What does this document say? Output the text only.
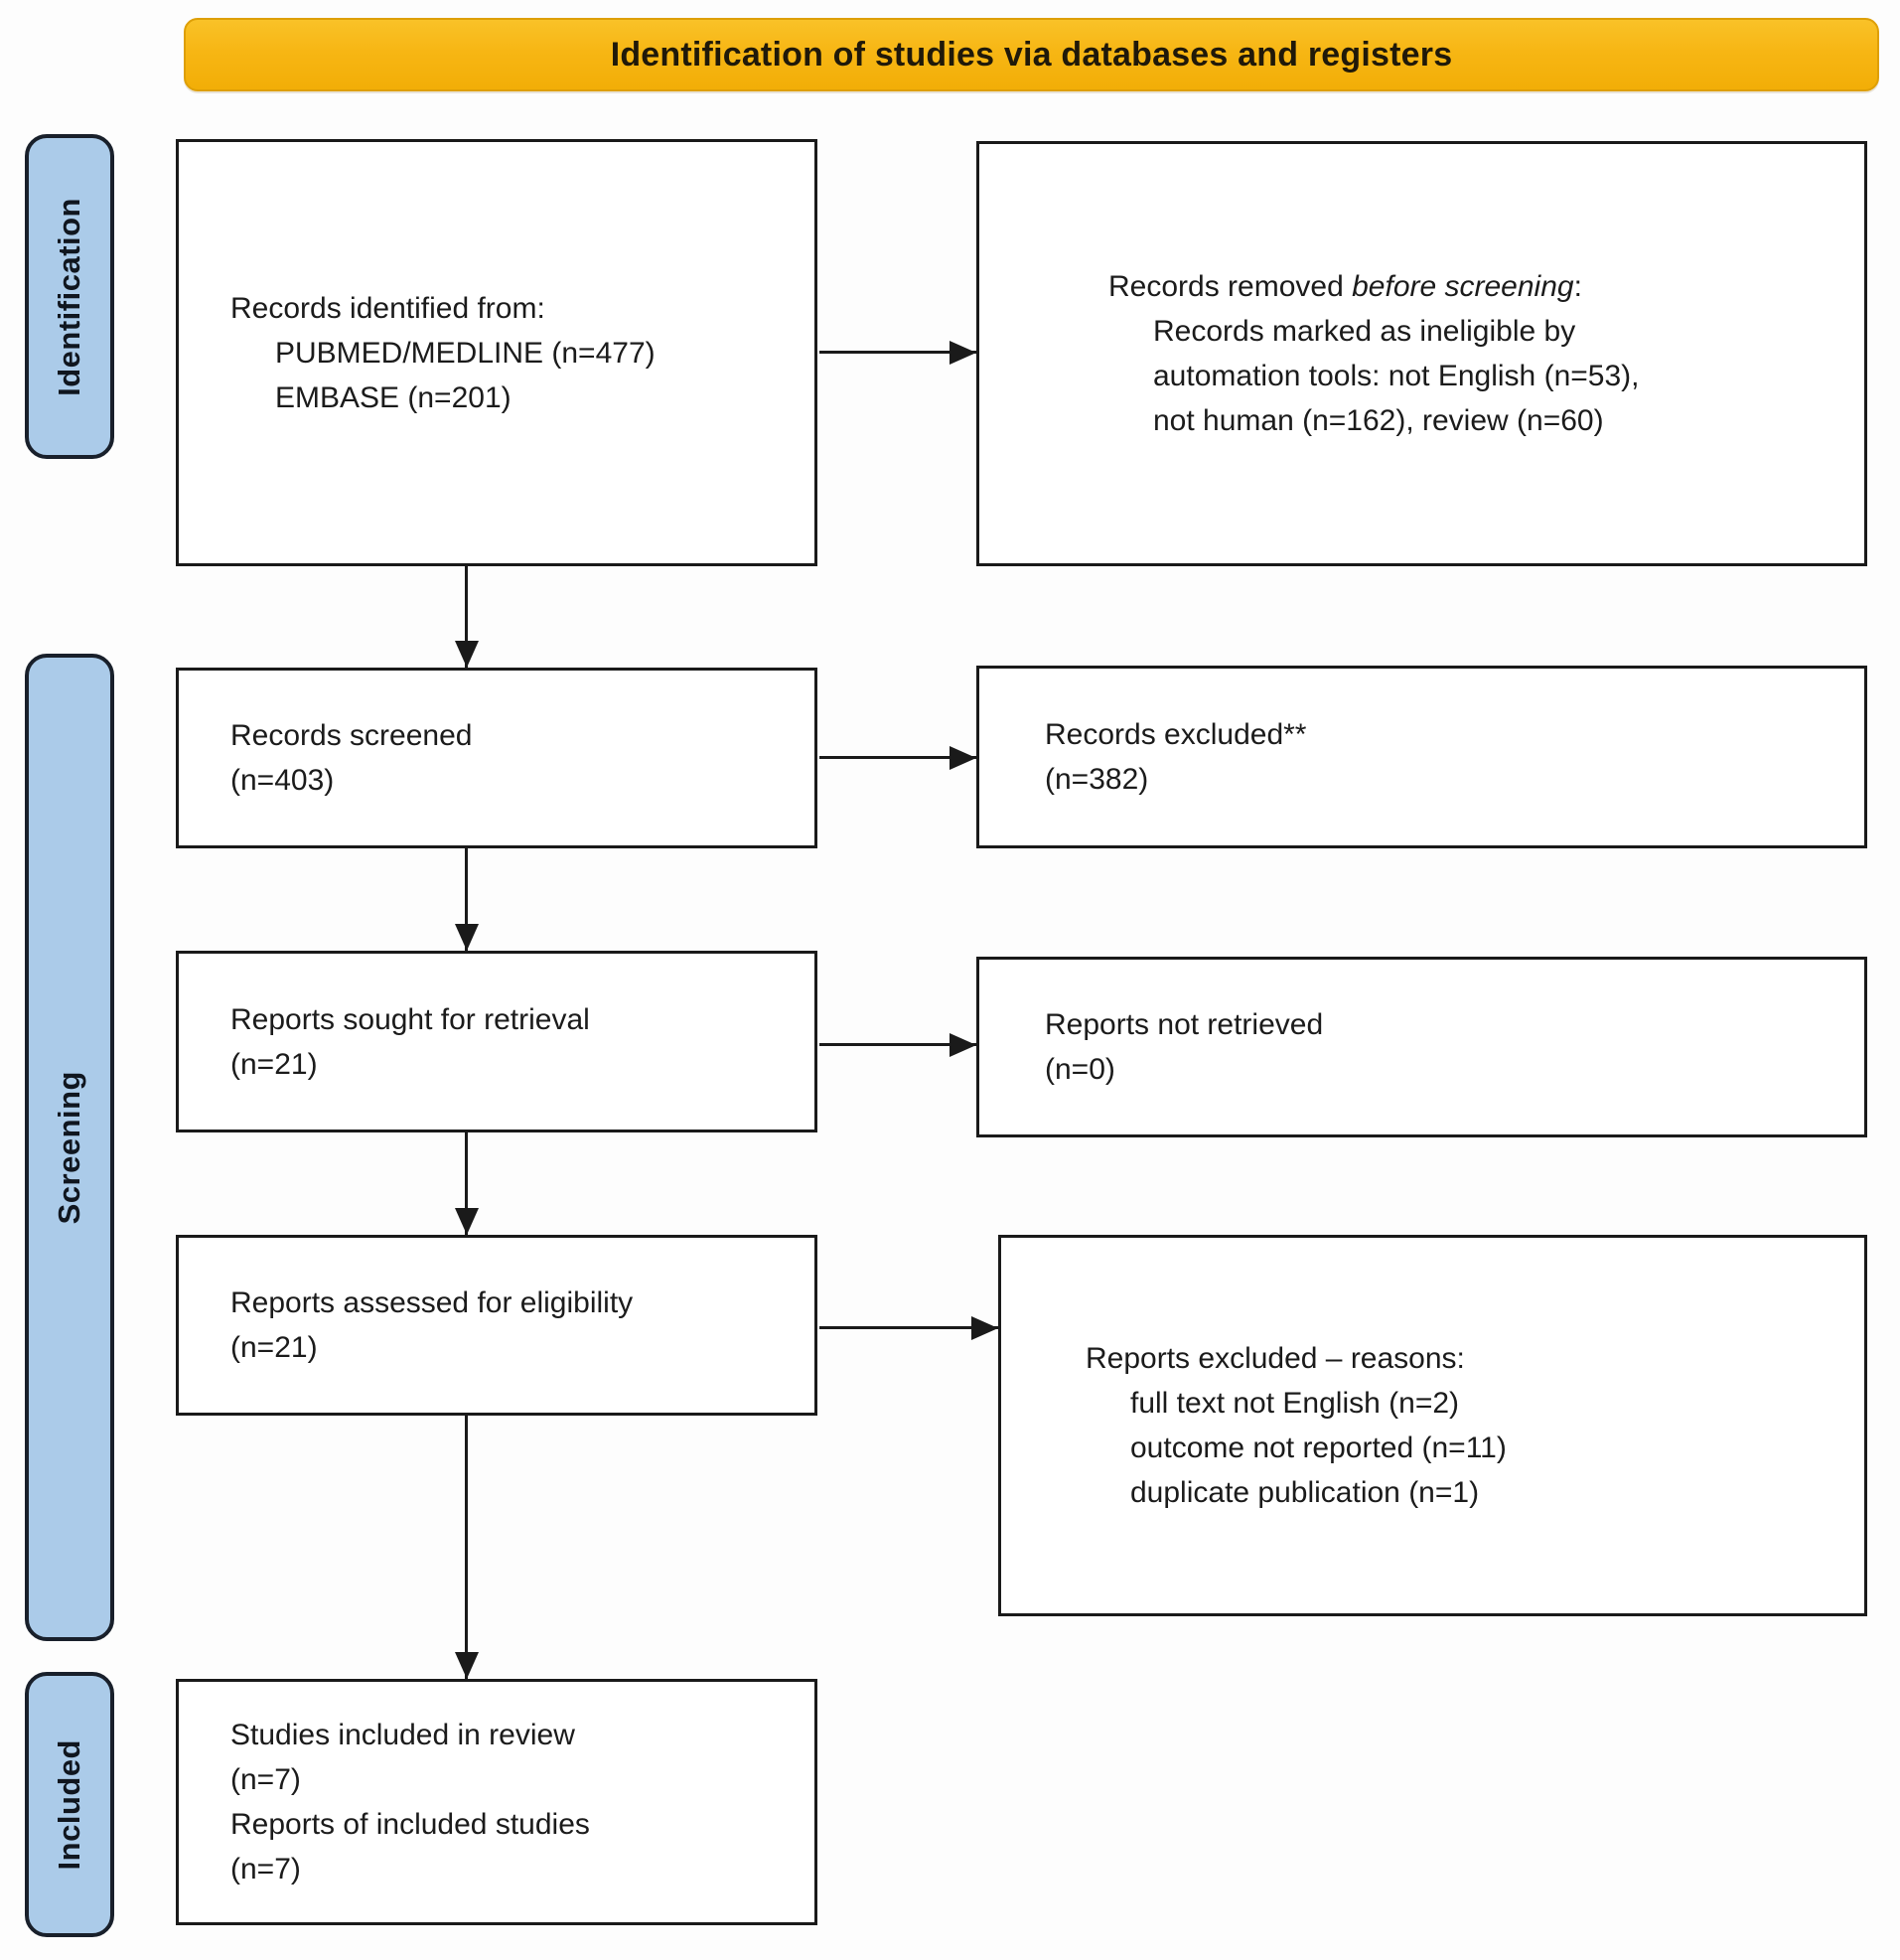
Identification of studies via databases and registers
Identification
Screening
Included
Records identified from:
PUBMED/MEDLINE (n=477)
EMBASE (n=201)
Records screened
(n=403)
Reports sought for retrieval
(n=21)
Reports assessed for eligibility
(n=21)
Studies included in review
(n=7)
Reports of included studies
(n=7)
Records removed before screening:
Records marked as ineligible by
automation tools: not English (n=53),
not human (n=162), review (n=60)
Records excluded**
(n=382)
Reports not retrieved
(n=0)
Reports excluded – reasons:
full text not English (n=2)
outcome not reported (n=11)
duplicate publication (n=1)
